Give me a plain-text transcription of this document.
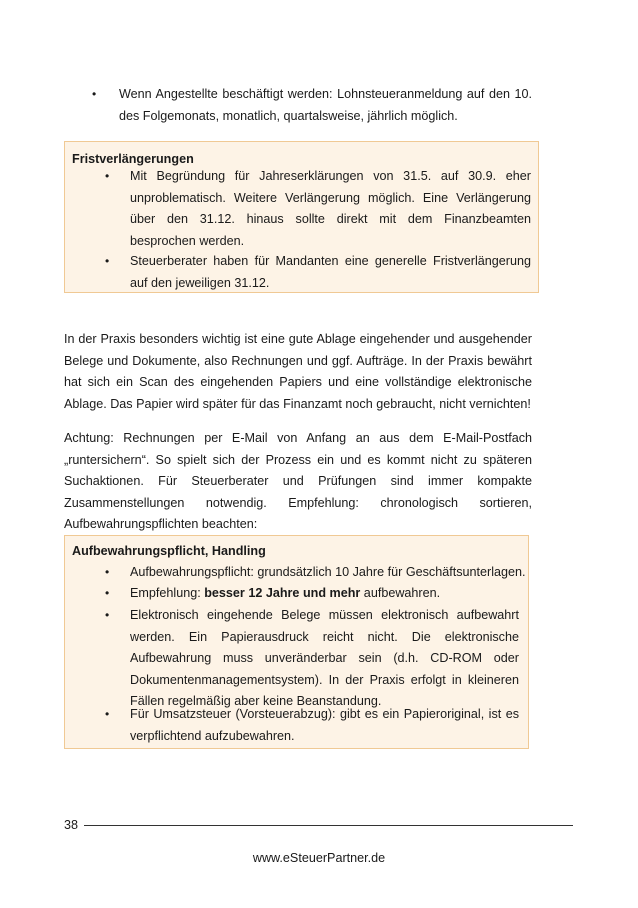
• Wenn Angestellte beschäftigt werden: Lohnsteueranmeldung auf den 10. des Folgemonats, monatlich, quartalsweise, jährlich möglich.
Fristverlängerungen
• Mit Begründung für Jahreserklärungen von 31.5. auf 30.9. eher unproblematisch. Weitere Verlängerung möglich. Eine Verlängerung über den 31.12. hinaus sollte direkt mit dem Finanzbeamten besprochen werden.
• Steuerberater haben für Mandanten eine generelle Fristverlängerung auf den jeweiligen 31.12.
In der Praxis besonders wichtig ist eine gute Ablage eingehender und ausgehender Belege und Dokumente, also Rechnungen und ggf. Aufträge. In der Praxis bewährt hat sich ein Scan des eingehenden Papiers und eine vollständige elektronische Ablage. Das Papier wird später für das Finanzamt noch gebraucht, nicht vernichten!
Achtung: Rechnungen per E-Mail von Anfang an aus dem E-Mail-Postfach „runtersichern“. So spielt sich der Prozess ein und es kommt nicht zu späteren Suchaktionen. Für Steuerberater und Prüfungen sind immer kompakte Zusammenstellungen notwendig. Empfehlung: chronologisch sortieren, Aufbewahrungspflichten beachten:
Aufbewahrungspflicht, Handling
• Aufbewahrungspflicht: grundsätzlich 10 Jahre für Geschäftsunterlagen.
• Empfehlung: besser 12 Jahre und mehr aufbewahren.
• Elektronisch eingehende Belege müssen elektronisch aufbewahrt werden. Ein Papierausdruck reicht nicht. Die elektronische Aufbewahrung muss unveränderbar sein (d.h. CD-ROM oder Dokumentenmanagementsystem). In der Praxis erfolgt in kleineren Fällen regelmäßig aber keine Beanstandung.
• Für Umsatzsteuer (Vorsteuerabzug): gibt es ein Papieroriginal, ist es verpflichtend aufzubewahren.
38
www.eSteuerPartner.de
